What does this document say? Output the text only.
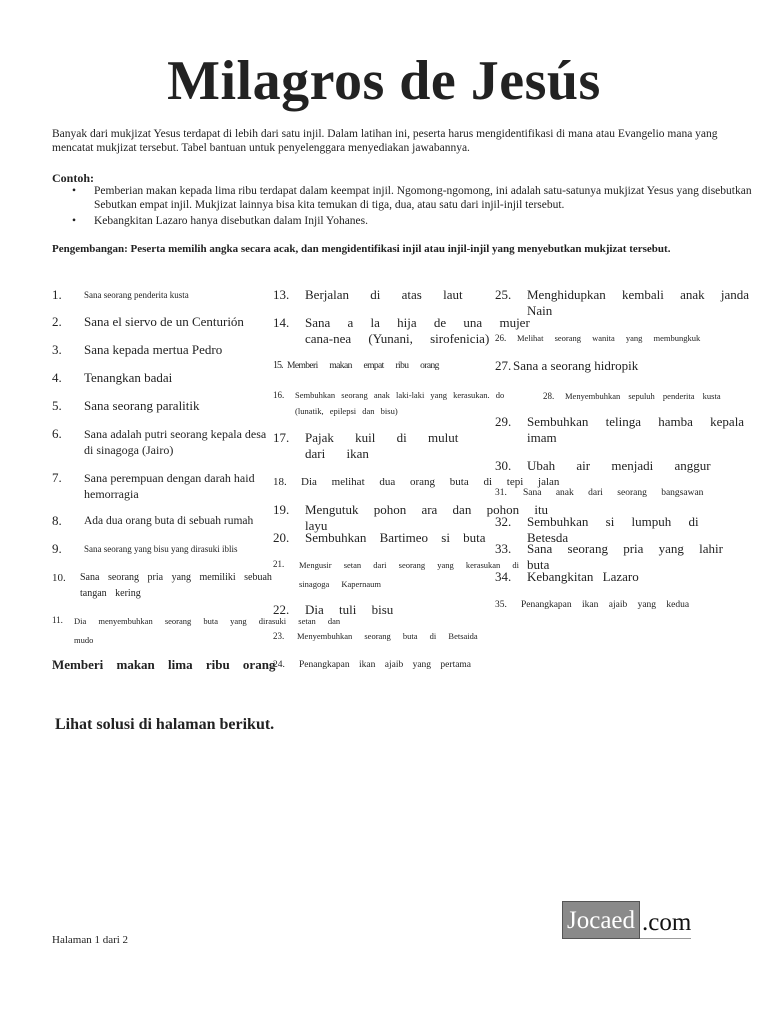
Milagros de Jesús
Banyak dari mukjizat Yesus terdapat di lebih dari satu injil. Dalam latihan ini, peserta harus mengidentifikasi di mana atau Evangelio mana yang mencatat mukjizat tersebut. Tabel bantuan untuk penyelenggara menyediakan jawabannya.
Contoh:
• Pemberian makan kepada lima ribu terdapat dalam keempat injil. Ngomong-ngomong, ini adalah satu-satunya mukjizat Yesus yang disebutkan Sebutkan empat injil. Mukjizat lainnya bisa kita temukan di tiga, dua, atau satu dari injil-injil tersebut.
• Kebangkitan Lazaro hanya disebutkan dalam Injil Yohanes.
Pengembangan: Peserta memilih angka secara acak, dan mengidentifikasi injil atau injil-injil yang menyebutkan mukjizat tersebut.
1. Sana seorang penderita kusta
2. Sana el siervo de un Centurión
3. Sana kepada mertua Pedro
4. Tenangkan badai
5. Sana seorang paralitik
6. Sana adalah putri seorang kepala desa di sinagoga (Jairo)
7. Sana perempuan dengan darah haid hemorragia
8. Ada dua orang buta di sebuah rumah
9. Sana seorang yang bisu yang dirasuki iblis
10. Sana seorang pria yang memiliki sebuah tangan kering
11. Dia menyembuhkan seorang buta yang dirasuki setan dan mudo
Memberi makan lima ribu orang
13. Berjalan di atas laut
14. Sana a la hija de una mujer cana-nea (Yunani, sirofenicia)
15. Memberi makan empat ribu orang
16. Sembuhkan seorang anak laki-laki yang kerasukan. do (lunatik, epilepsi dan bisu)
17. Pajak kuil di mulut dari ikan
18. Dia melihat dua orang buta di tepi jalan
19. Mengutuk pohon ara dan pohon itu layu
20. Sembuhkan Bartimeo si buta
21. Mengusir setan dari seorang yang kerasukan di sinagoga Kapernaum
22. Dia tuli bisu
23. Menyembuhkan seorang buta di Betsaida
24. Penangkapan ikan ajaib yang pertama
25. Menghidupkan kembali anak janda Nain
26. Melihat seorang wanita yang membungkuk
27. Sana a seorang hidropik
28. Menyembuhkan sepuluh penderita kusta
29. Sembuhkan telinga hamba kepala imam
30. Ubah air menjadi anggur
31. Sana anak dari seorang bangsawan
32. Sembuhkan si lumpuh di Betesda
33. Sana seorang pria yang lahir buta
34. Kebangkitan Lazaro
35. Penangkapan ikan ajaib yang kedua
Lihat solusi di halaman berikut.
Halaman 1 dari 2
Jocaed .com
